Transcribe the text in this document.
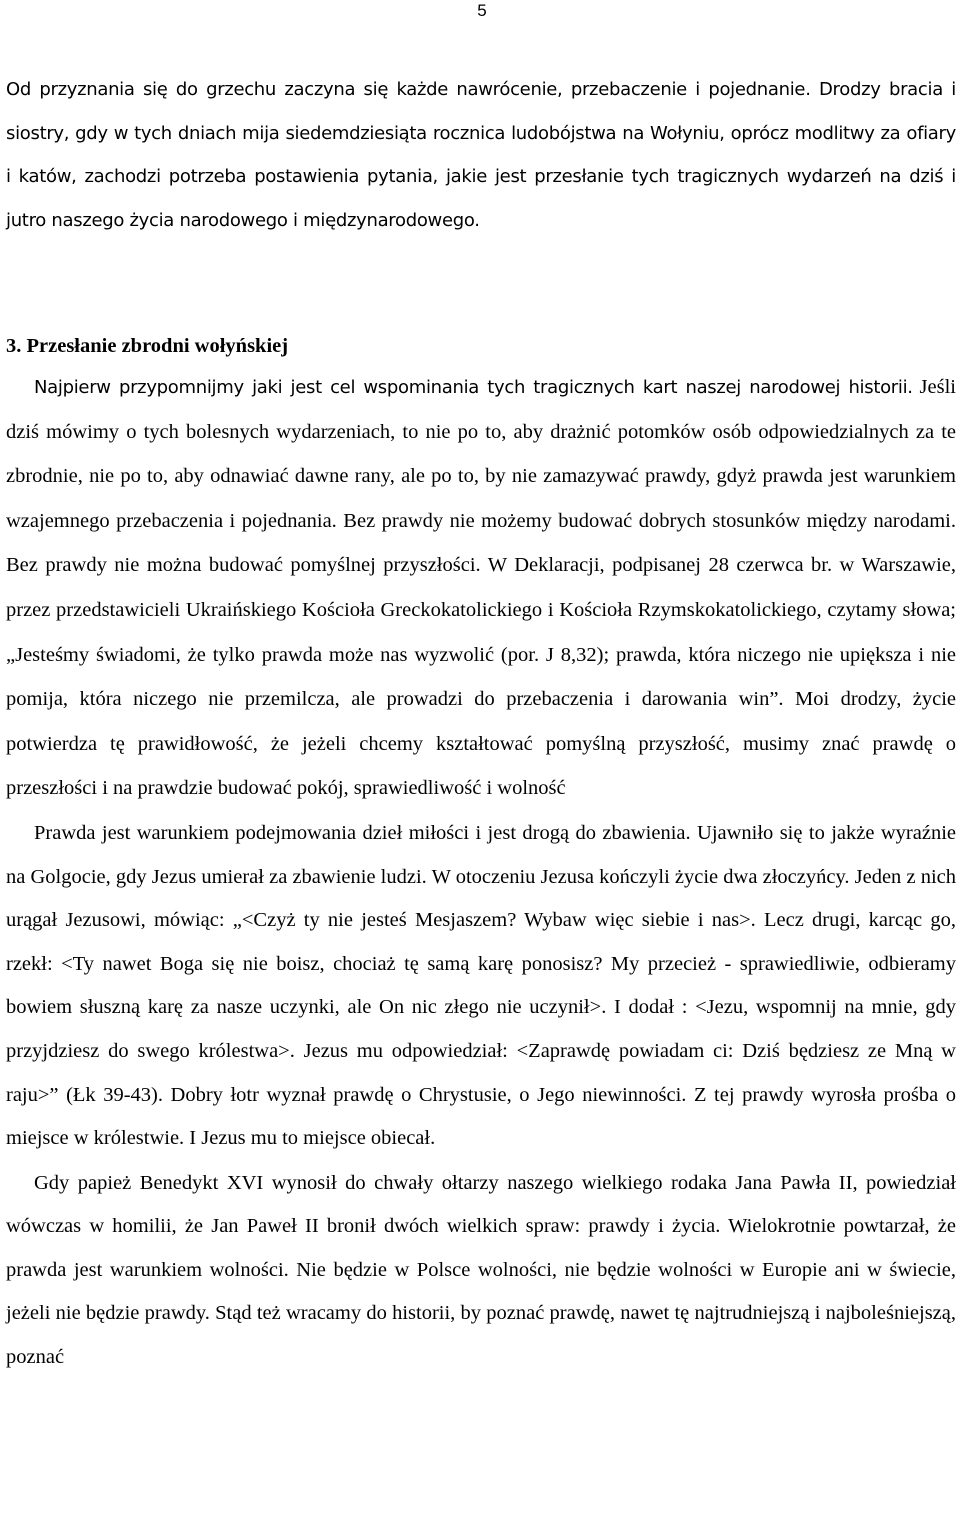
5

Od przyznania się do grzechu zaczyna się każde nawrócenie, przebaczenie i pojednanie. Drodzy bracia i siostry, gdy w tych dniach mija siedemdziesiąta rocznica ludobójstwa na Wołyniu, oprócz modlitwy za ofiary i katów, zachodzi potrzeba postawienia pytania, jakie jest przesłanie tych tragicznych wydarzeń na dziś i jutro naszego życia narodowego i międzynarodowego.

3. Przesłanie zbrodni wołyńskiej

Najpierw przypomnijmy jaki jest cel wspominania tych tragicznych kart naszej narodowej historii. Jeśli dziś mówimy o tych bolesnych wydarzeniach, to nie po to, aby drażnić potomków osób odpowiedzialnych za te zbrodnie, nie po to, aby odnawiać dawne rany, ale po to, by nie zamazywać prawdy, gdyż prawda jest warunkiem wzajemnego przebaczenia i pojednania. Bez prawdy nie możemy budować dobrych stosunków między narodami. Bez prawdy nie można budować pomyślnej przyszłości. W Deklaracji, podpisanej 28 czerwca br. w Warszawie, przez przedstawicieli Ukraińskiego Kościoła Greckokatolickiego i Kościoła Rzymskokatolickiego, czytamy słowa; „Jesteśmy świadomi, że tylko prawda może nas wyzwolić (por. J 8,32); prawda, która niczego nie upiększa i nie pomija, która niczego nie przemilcza, ale prowadzi do przebaczenia i darowania win”. Moi drodzy, życie potwierdza tę prawidłowość, że jeżeli chcemy kształtować pomyślną przyszłość, musimy znać prawdę o przeszłości i na prawdzie budować pokój, sprawiedliwość i wolność

Prawda jest warunkiem podejmowania dzieł miłości i jest drogą do zbawienia. Ujawniło się to jakże wyraźnie na Golgocie, gdy Jezus umierał za zbawienie ludzi. W otoczeniu Jezusa kończyli życie dwa złoczyńcy. Jeden z nich urągał Jezusowi, mówiąc: „<Czyż ty nie jesteś Mesjaszem? Wybaw więc siebie i nas>. Lecz drugi, karcąc go, rzekł: <Ty nawet Boga się nie boisz, chociaż tę samą karę ponosisz? My przecież - sprawiedliwie, odbieramy bowiem słuszną karę za nasze uczynki, ale On nic złego nie uczynił>. I dodał : <Jezu, wspomnij na mnie, gdy przyjdziesz do swego królestwa>. Jezus mu odpowiedział: <Zaprawdę powiadam ci: Dziś będziesz ze Mną w raju>” (Łk 39-43). Dobry łotr wyznał prawdę o Chrystusie, o Jego niewinności. Z tej prawdy wyrosła prośba o miejsce w królestwie. I Jezus mu to miejsce obiecał.

Gdy papież Benedykt XVI wynosił do chwały ołtarzy naszego wielkiego rodaka Jana Pawła II, powiedział wówczas w homilii, że Jan Paweł II bronił dwóch wielkich spraw: prawdy i życia. Wielokrotnie powtarzał, że prawda jest warunkiem wolności. Nie będzie w Polsce wolności, nie będzie wolności w Europie ani w świecie, jeżeli nie będzie prawdy. Stąd też wracamy do historii, by poznać prawdę, nawet tę najtrudniejszą i najboleśniejszą, poznać
